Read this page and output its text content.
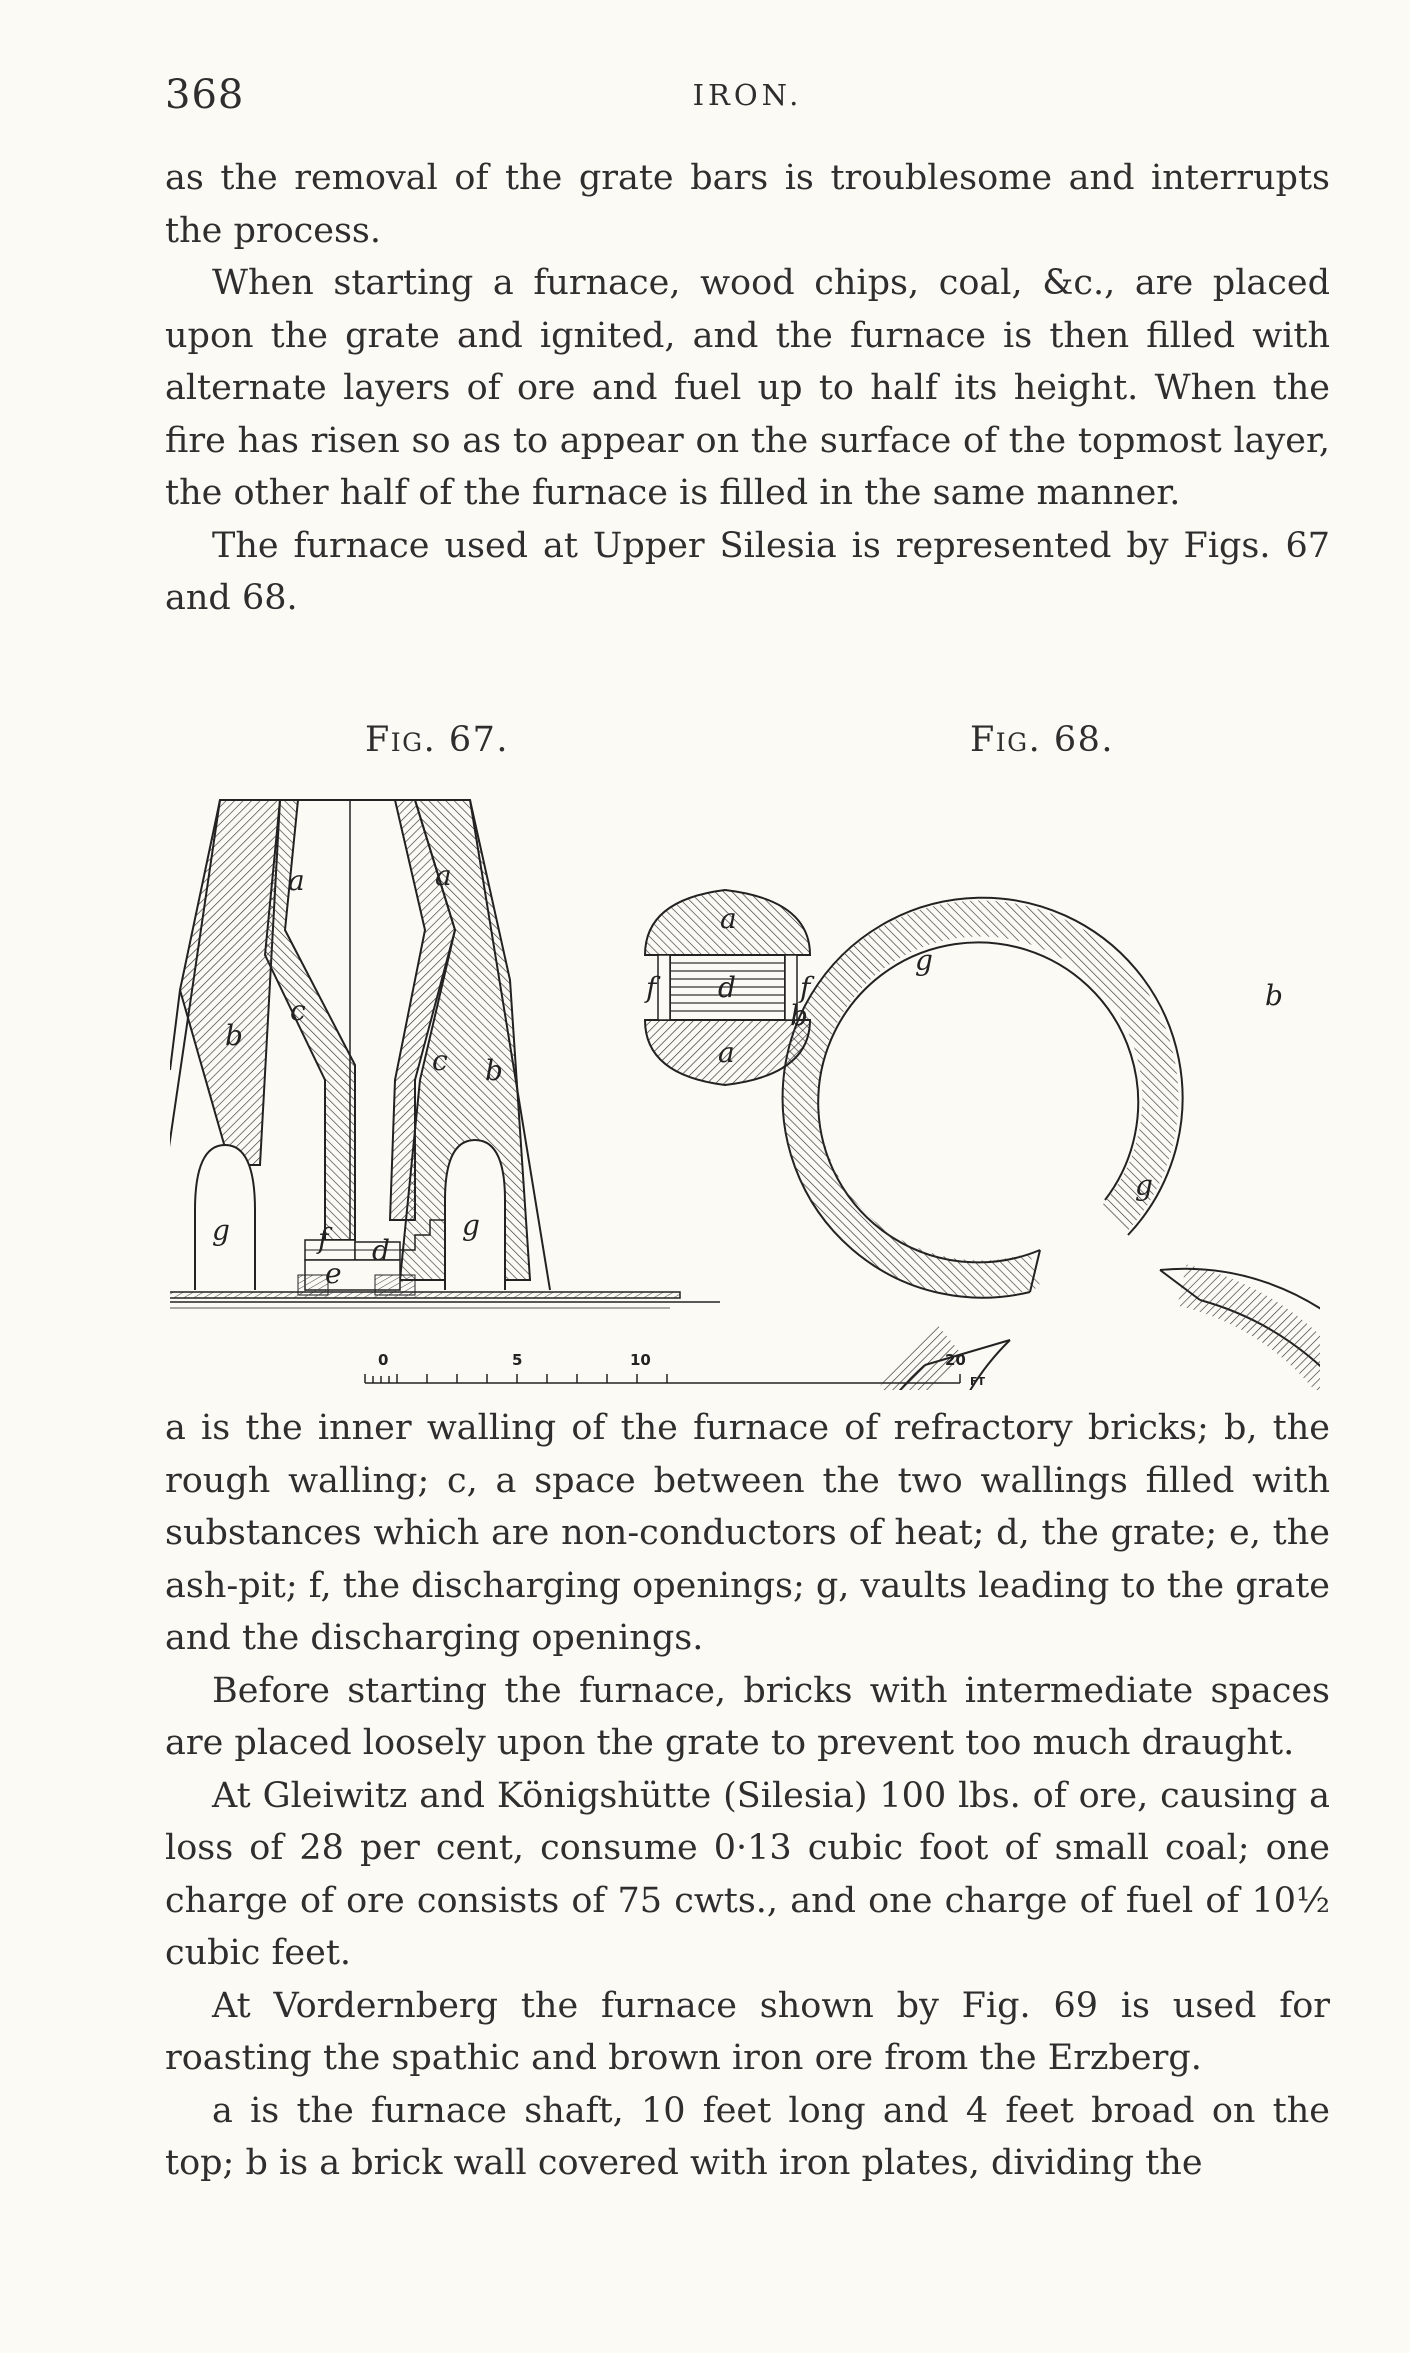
368	IRON.

as the removal of the grate bars is troublesome and interrupts the process.

When starting a furnace, wood chips, coal, &c., are placed upon the grate and ignited, and the furnace is then filled with alternate layers of ore and fuel up to half its height. When the fire has risen so as to appear on the surface of the topmost layer, the other half of the furnace is filled in the same manner.

The furnace used at Upper Silesia is represented by Figs. 67 and 68.

Fig. 67.	Fig. 68.
a	a
b
b
c
c
d
e
f
g	g
a
a
b
b
d
f	f
g
g
0	5	10	20
FT

a is the inner walling of the furnace of refractory bricks; b, the rough walling; c, a space between the two wallings filled with substances which are non-conductors of heat; d, the grate; e, the ash-pit; f, the discharging openings; g, vaults leading to the grate and the discharging openings.

Before starting the furnace, bricks with intermediate spaces are placed loosely upon the grate to prevent too much draught.

At Gleiwitz and Königshütte (Silesia) 100 lbs. of ore, causing a loss of 28 per cent, consume 0·13 cubic foot of small coal; one charge of ore consists of 75 cwts., and one charge of fuel of 10½ cubic feet.

At Vordernberg the furnace shown by Fig. 69 is used for roasting the spathic and brown iron ore from the Erzberg.

a is the furnace shaft, 10 feet long and 4 feet broad on the top; b is a brick wall covered with iron plates, dividing the
